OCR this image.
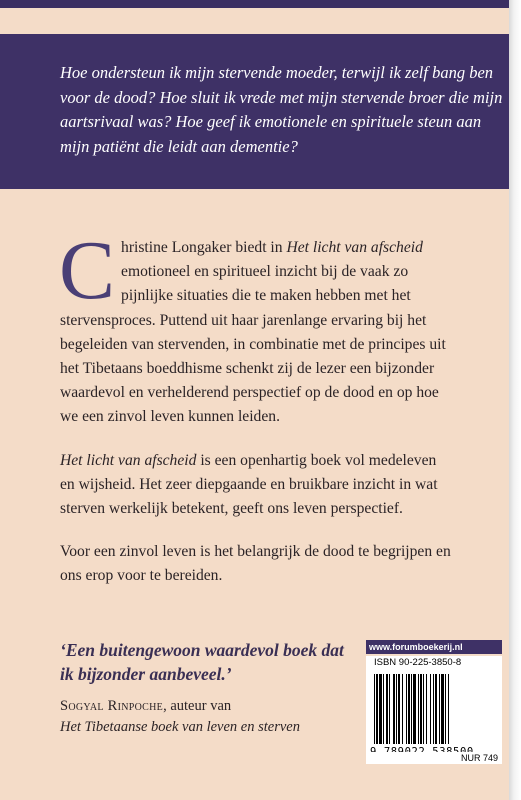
Hoe ondersteun ik mijn stervende moeder, terwijl ik zelf bang ben voor de dood? Hoe sluit ik vrede met mijn stervende broer die mijn aartsrivaal was? Hoe geef ik emotionele en spirituele steun aan mijn patiënt die leidt aan dementie?

Christine Longaker biedt in Het licht van afscheid emotioneel en spiritueel inzicht bij de vaak zo pijnlijke situaties die te maken hebben met het stervensproces. Puttend uit haar jarenlange ervaring bij het begeleiden van stervenden, in combinatie met de principes uit het Tibetaans boeddhisme schenkt zij de lezer een bijzonder waardevol en verhelderend perspectief op de dood en op hoe we een zinvol leven kunnen leiden.

Het licht van afscheid is een openhartig boek vol medeleven en wijsheid. Het zeer diepgaande en bruikbare inzicht in wat sterven werkelijk betekent, geeft ons leven perspectief.

Voor een zinvol leven is het belangrijk de dood te begrijpen en ons erop voor te bereiden.

‘Een buitengewoon waardevol boek dat ik bijzonder aanbeveel.’

Sogyal Rinpoche, auteur van

Het Tibetaanse boek van leven en sterven

www.forumboekerij.nl
ISBN 90-225-3850-8
NUR 749
